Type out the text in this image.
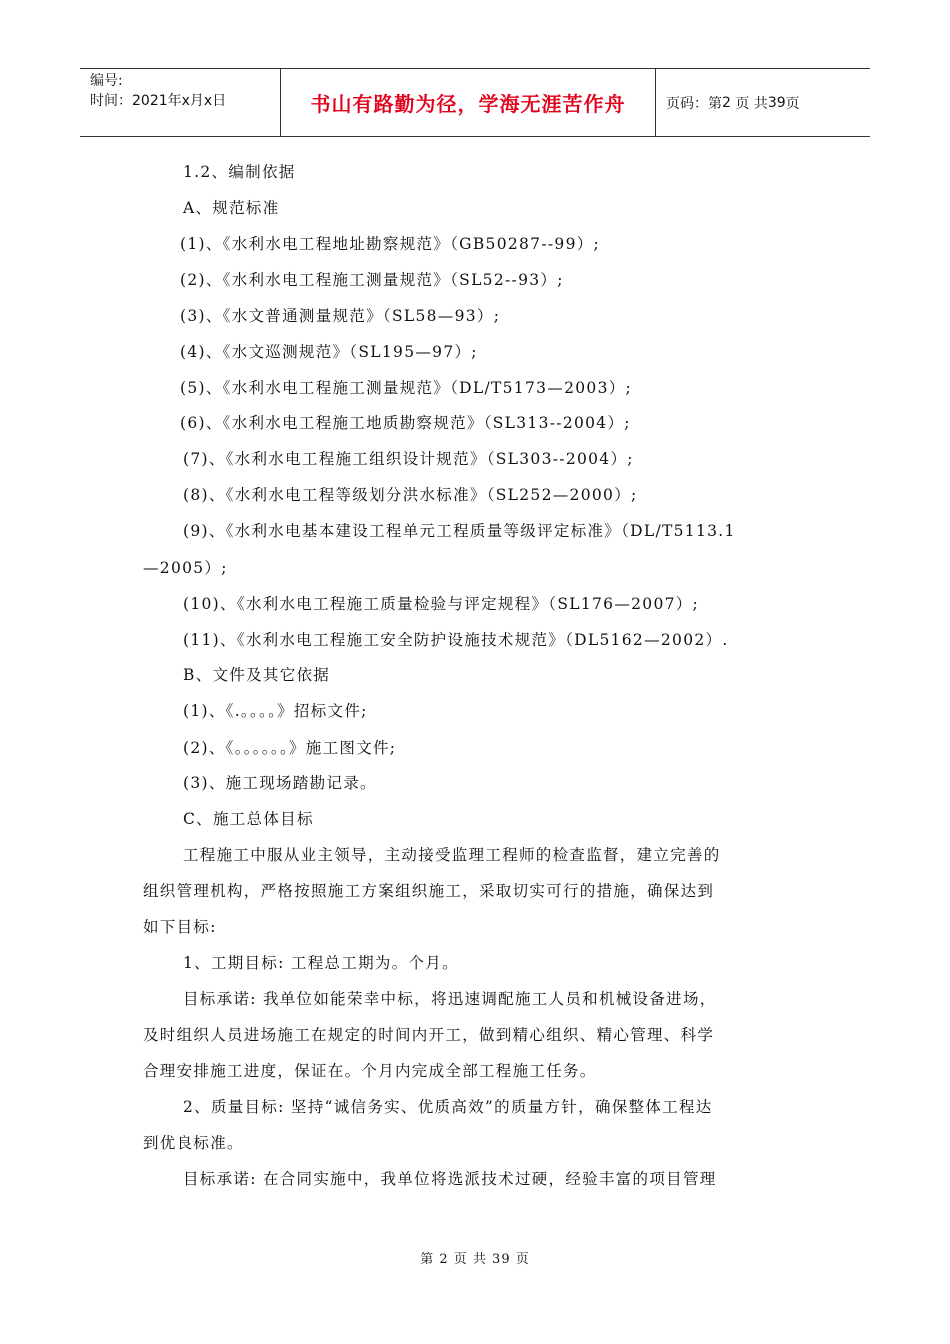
编号:
时间：2021年x月x日	书山有路勤为径，学海无涯苦作舟	页码：第 2
页 共 39 页
1.2、编制依据
A、规范标准
(1)、《水利水电工程地址勘察规范》（GB50287--99）;
(2)、《水利水电工程施工测量规范》（SL52--93）;
(3)、《水文普通测量规范》（SL58—93）;
(4)、《水文巡测规范》（SL195—97）;
(5)、《水利水电工程施工测量规范》（DL/T5173—2003）;
(6)、《水利水电工程施工地质勘察规范》（SL313--2004）;
(7)、《水利水电工程施工组织设计规范》（SL303--2004）;
(8)、《水利水电工程等级划分洪水标准》（SL252—2000）;
(9)、《水利水电基本建设工程单元工程质量等级评定标准》（DL/T5113.1
—2005）;
(10)、《水利水电工程施工质量检验与评定规程》（SL176—2007）;
(11)、《水利水电工程施工安全防护设施技术规范》（DL5162—2002）.
B、文件及其它依据
(1)、《.。。。。》招标文件;
(2)、《。。。。。。》施工图文件;
(3)、施工现场踏勘记录。
C、施工总体目标
工程施工中服从业主领导，主动接受监理工程师的检查监督，建立完善的
组织管理机构，严格按照施工方案组织施工，采取切实可行的措施，确保达到
如下目标:
1、工期目标: 工程总工期为。个月。
目标承诺: 我单位如能荣幸中标，将迅速调配施工人员和机械设备进场，
及时组织人员进场施工在规定的时间内开工，做到精心组织、精心管理、科学
合理安排施工进度，保证在。个月内完成全部工程施工任务。
2、质量目标: 坚持“诚信务实、优质高效”的质量方针，确保整体工程达
到优良标准。
目标承诺: 在合同实施中，我单位将选派技术过硬，经验丰富的项目管理
第 2 页 共 39 页
